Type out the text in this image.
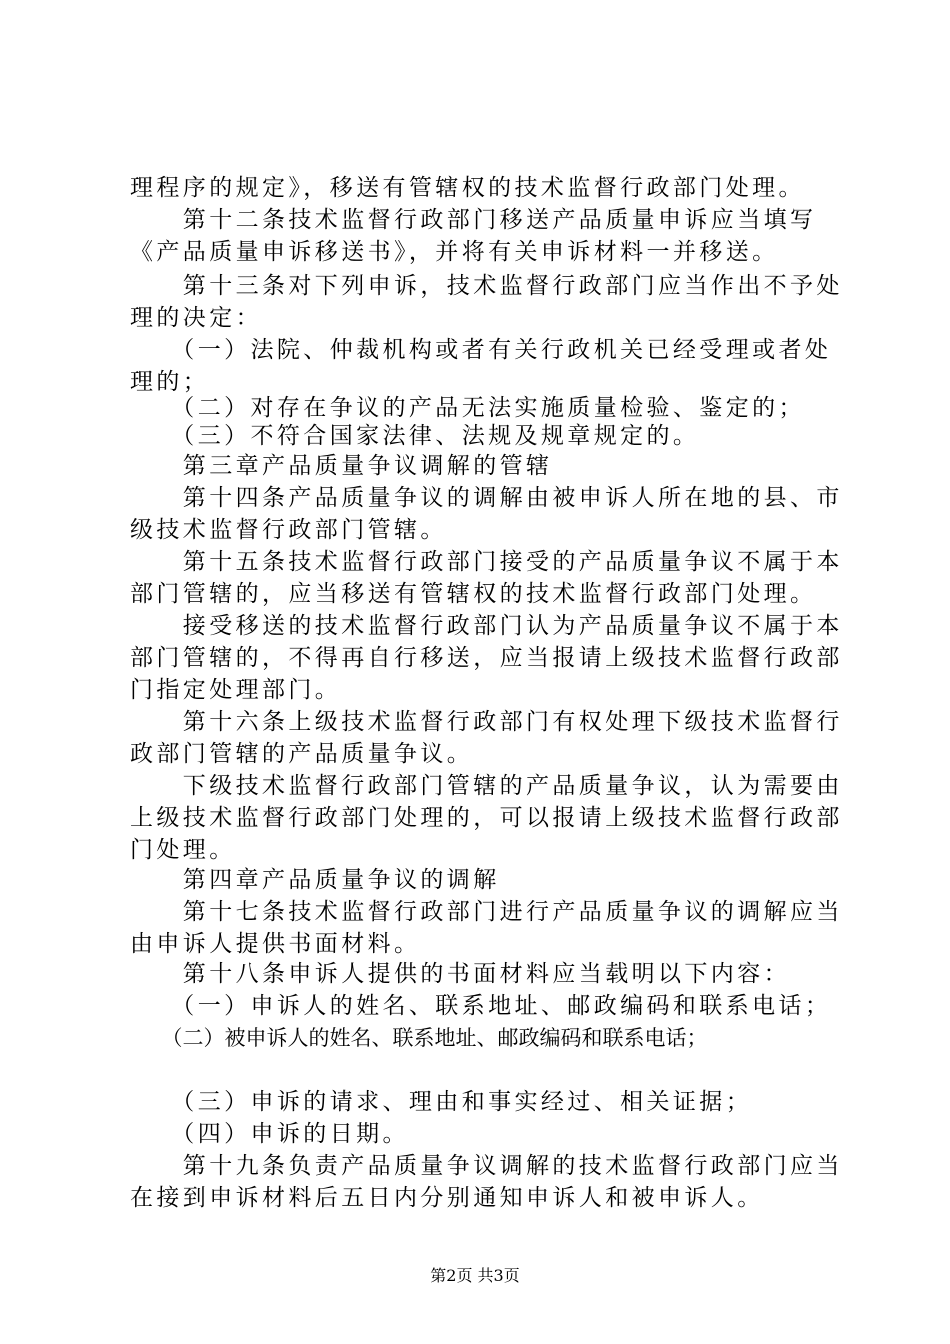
理程序的规定》，移送有管辖权的技术监督行政部门处理。
　　第十二条技术监督行政部门移送产品质量申诉应当填写
《产品质量申诉移送书》，并将有关申诉材料一并移送。
　　第十三条对下列申诉，技术监督行政部门应当作出不予处
理的决定：
　　（一）法院、仲裁机构或者有关行政机关已经受理或者处
理的；
　　（二）对存在争议的产品无法实施质量检验、鉴定的；
　　（三）不符合国家法律、法规及规章规定的。
　　第三章产品质量争议调解的管辖
　　第十四条产品质量争议的调解由被申诉人所在地的县、市
级技术监督行政部门管辖。
　　第十五条技术监督行政部门接受的产品质量争议不属于本
部门管辖的，应当移送有管辖权的技术监督行政部门处理。
　　接受移送的技术监督行政部门认为产品质量争议不属于本
部门管辖的，不得再自行移送，应当报请上级技术监督行政部
门指定处理部门。
　　第十六条上级技术监督行政部门有权处理下级技术监督行
政部门管辖的产品质量争议。
　　下级技术监督行政部门管辖的产品质量争议，认为需要由
上级技术监督行政部门处理的，可以报请上级技术监督行政部
门处理。
　　第四章产品质量争议的调解
　　第十七条技术监督行政部门进行产品质量争议的调解应当
由申诉人提供书面材料。
　　第十八条申诉人提供的书面材料应当载明以下内容：
　　（一）申诉人的姓名、联系地址、邮政编码和联系电话；
　　（二）被申诉人的姓名、联系地址、邮政编码和联系电话；
　　（三）申诉的请求、理由和事实经过、相关证据；
　　（四）申诉的日期。
　　第十九条负责产品质量争议调解的技术监督行政部门应当
在接到申诉材料后五日内分别通知申诉人和被申诉人。
第2页 共3页
